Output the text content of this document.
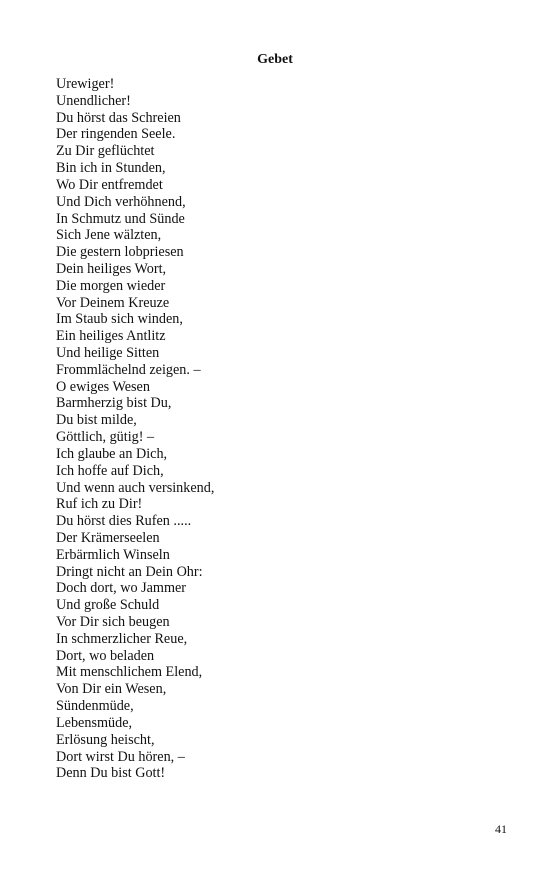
Gebet
Urewiger!
Unendlicher!
Du hörst das Schreien
Der ringenden Seele.
Zu Dir geflüchtet
Bin ich in Stunden,
Wo Dir entfremdet
Und Dich verhöhnend,
In Schmutz und Sünde
Sich Jene wälzten,
Die gestern lobpriesen
Dein heiliges Wort,
Die morgen wieder
Vor Deinem Kreuze
Im Staub sich winden,
Ein heiliges Antlitz
Und heilige Sitten
Frommlächelnd zeigen. –
O ewiges Wesen
Barmherzig bist Du,
Du bist milde,
Göttlich, gütig! –
Ich glaube an Dich,
Ich hoffe auf Dich,
Und wenn auch versinkend,
Ruf ich zu Dir!
Du hörst dies Rufen .....
Der Krämerseelen
Erbärmlich Winseln
Dringt nicht an Dein Ohr:
Doch dort, wo Jammer
Und große Schuld
Vor Dir sich beugen
In schmerzlicher Reue,
Dort, wo beladen
Mit menschlichem Elend,
Von Dir ein Wesen,
Sündenmüde,
Lebensmüde,
Erlösung heischt,
Dort wirst Du hören, –
Denn Du bist Gott!
41
